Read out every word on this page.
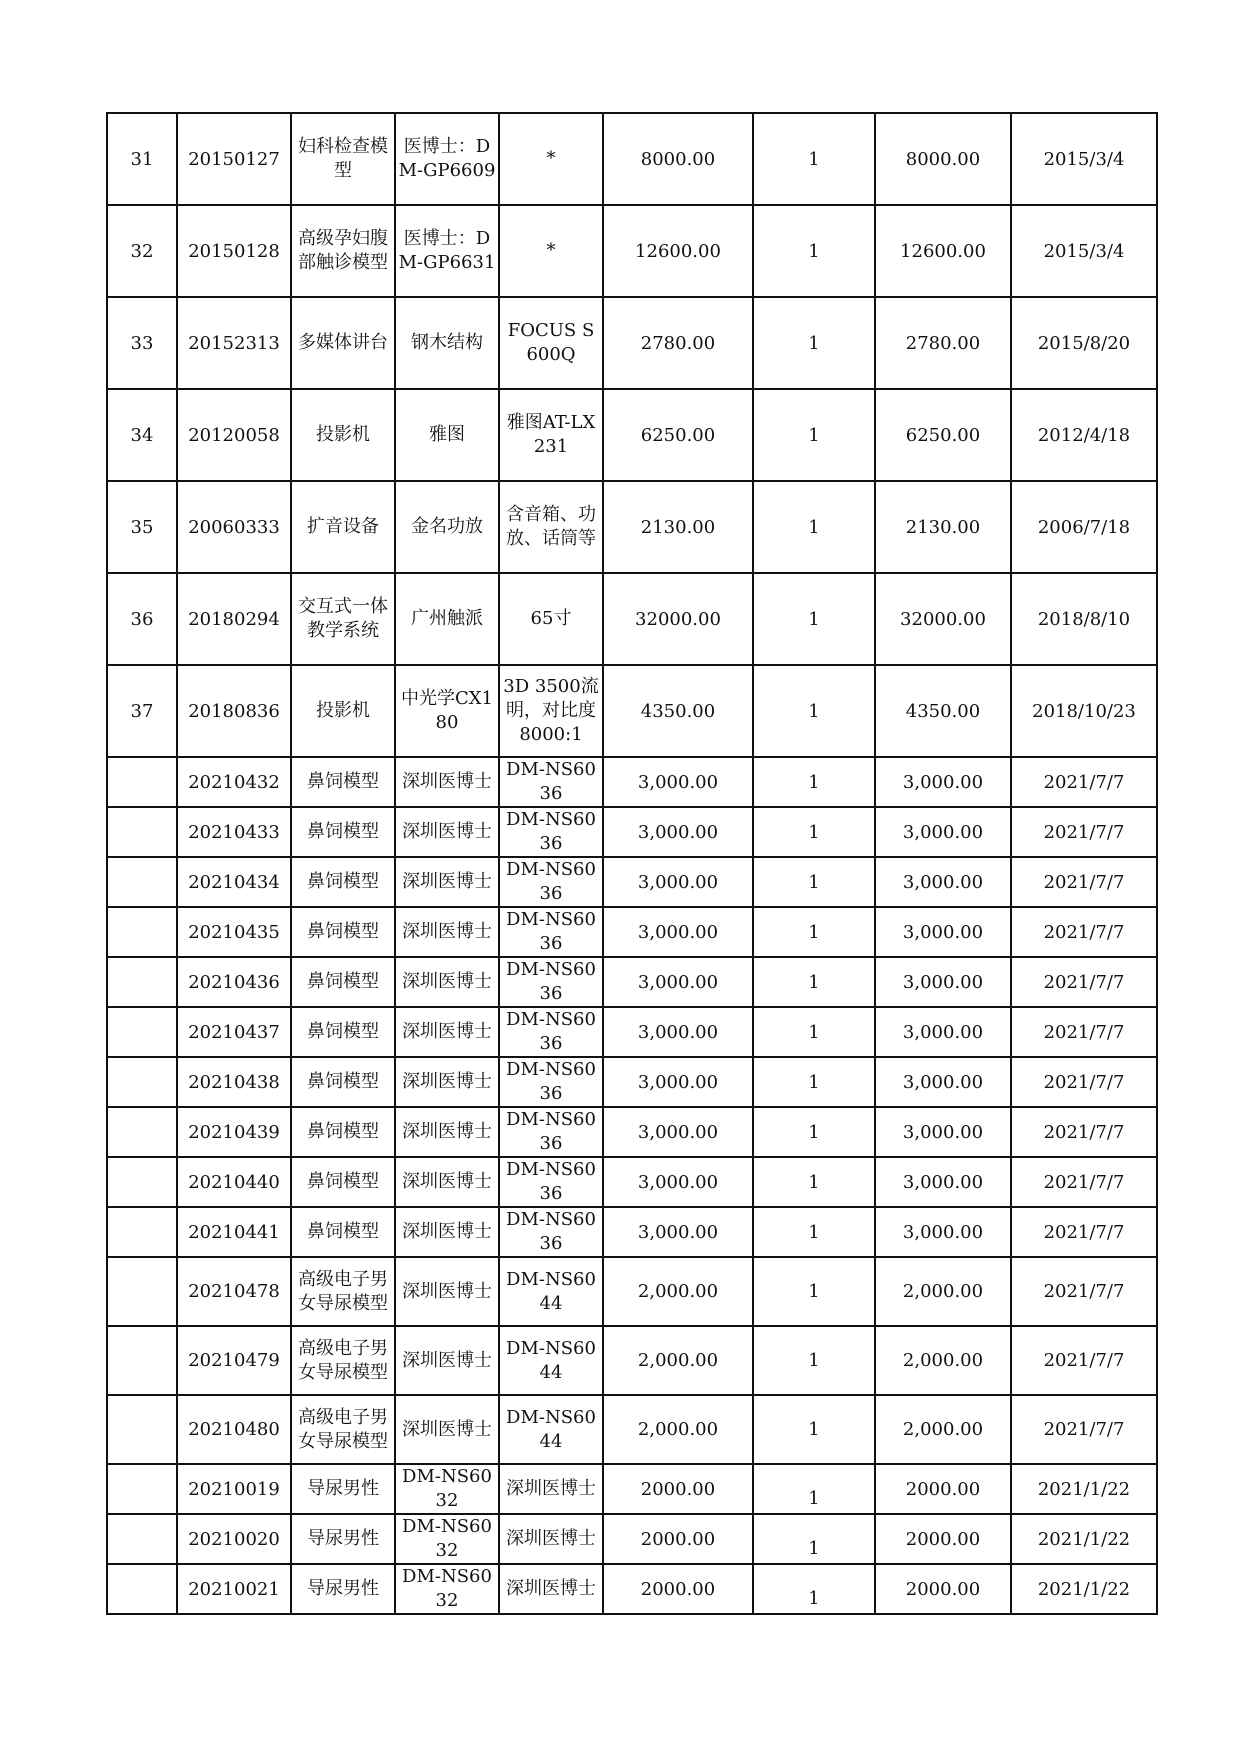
31	20150127	妇科检查模型	医博士：DM-GP6609	*	8000.00	1	8000.00	2015/3/4
32	20150128	高级孕妇腹部触诊模型	医博士：DM-GP6631	*	12600.00	1	12600.00	2015/3/4
33	20152313	多媒体讲台	钢木结构	FOCUS S600Q	2780.00	1	2780.00	2015/8/20
34	20120058	投影机	雅图	雅图AT-LX231	6250.00	1	6250.00	2012/4/18
35	20060333	扩音设备	金名功放	含音箱、功放、话筒等	2130.00	1	2130.00	2006/7/18
36	20180294	交互式一体教学系统	广州触派	65寸	32000.00	1	32000.00	2018/8/10
37	20180836	投影机	中光学CX180	3D 3500流明，对比度8000:1	4350.00	1	4350.00	2018/10/23
	20210432	鼻饲模型	深圳医博士	DM-NS6036	3,000.00	1	3,000.00	2021/7/7
	20210433	鼻饲模型	深圳医博士	DM-NS6036	3,000.00	1	3,000.00	2021/7/7
	20210434	鼻饲模型	深圳医博士	DM-NS6036	3,000.00	1	3,000.00	2021/7/7
	20210435	鼻饲模型	深圳医博士	DM-NS6036	3,000.00	1	3,000.00	2021/7/7
	20210436	鼻饲模型	深圳医博士	DM-NS6036	3,000.00	1	3,000.00	2021/7/7
	20210437	鼻饲模型	深圳医博士	DM-NS6036	3,000.00	1	3,000.00	2021/7/7
	20210438	鼻饲模型	深圳医博士	DM-NS6036	3,000.00	1	3,000.00	2021/7/7
	20210439	鼻饲模型	深圳医博士	DM-NS6036	3,000.00	1	3,000.00	2021/7/7
	20210440	鼻饲模型	深圳医博士	DM-NS6036	3,000.00	1	3,000.00	2021/7/7
	20210441	鼻饲模型	深圳医博士	DM-NS6036	3,000.00	1	3,000.00	2021/7/7
	20210478	高级电子男女导尿模型	深圳医博士	DM-NS6044	2,000.00	1	2,000.00	2021/7/7
	20210479	高级电子男女导尿模型	深圳医博士	DM-NS6044	2,000.00	1	2,000.00	2021/7/7
	20210480	高级电子男女导尿模型	深圳医博士	DM-NS6044	2,000.00	1	2,000.00	2021/7/7
	20210019	导尿男性	DM-NS6032	深圳医博士	2000.00	1	2000.00	2021/1/22
	20210020	导尿男性	DM-NS6032	深圳医博士	2000.00	1	2000.00	2021/1/22
	20210021	导尿男性	DM-NS6032	深圳医博士	2000.00	1	2000.00	2021/1/22
